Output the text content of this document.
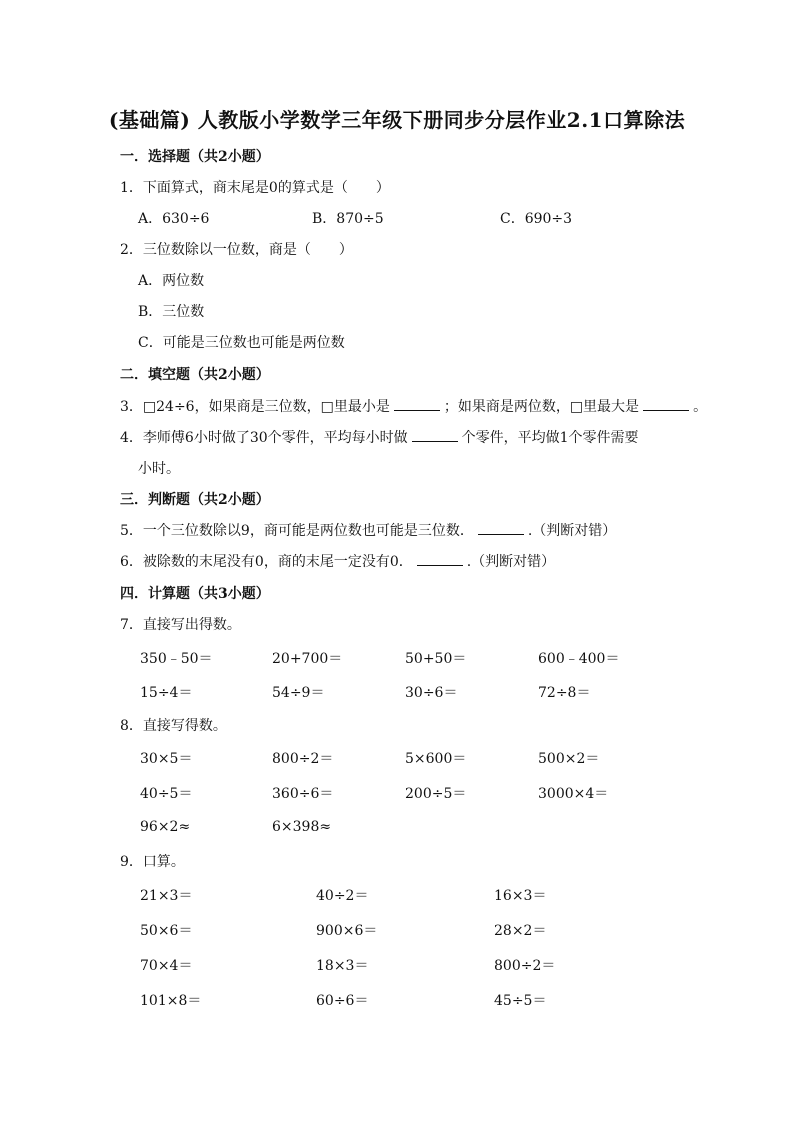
(基础篇) 人教版小学数学三年级下册同步分层作业2.1口算除法
一．选择题（共2小题）
1．下面算式，商末尾是0的算式是（　　）
A．630÷6	B．870÷5	C．690÷3
2．三位数除以一位数，商是（　　）
A．两位数
B．三位数
C．可能是三位数也可能是两位数
二．填空题（共2小题）
3．□24÷6，如果商是三位数，□里最小是	；如果商是两位数，□里最大是	。
4．李师傅6小时做了30个零件，平均每小时做	个零件，平均做1个零件需要
小时。
三．判断题（共2小题）
5．一个三位数除以9，商可能是两位数也可能是三位数．	.（判断对错）
6．被除数的末尾没有0，商的末尾一定没有0．	.（判断对错）
四．计算题（共3小题）
7．直接写出得数。
350﹣50＝	20+700＝	50+50＝	600﹣400＝
15÷4＝	54÷9＝	30÷6＝	72÷8＝
8．直接写得数。
30×5＝	800÷2＝	5×600＝	500×2＝
40÷5＝	360÷6＝	200÷5＝	3000×4＝
96×2≈	6×398≈
9．口算。
21×3＝	40÷2＝	16×3＝
50×6＝	900×6＝	28×2＝
70×4＝	18×3＝	800÷2＝
101×8＝	60÷6＝	45÷5＝
